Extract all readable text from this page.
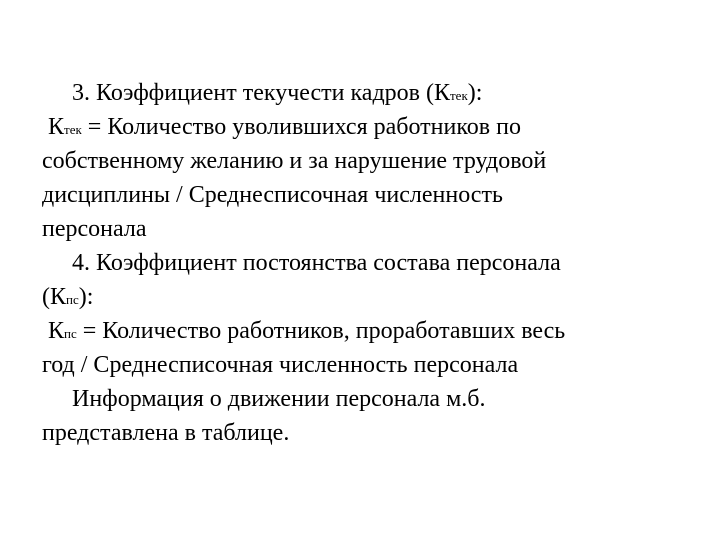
3. Коэффициент текучести кадров (Ктек):
Ктек = Количество уволившихся работников по
собственному желанию и за нарушение трудовой
дисциплины / Среднесписочная численность
персонала
4. Коэффициент постоянства состава персонала
(Кпс):
Кпс = Количество работников, проработавших весь
год / Среднесписочная численность персонала
Информация о движении персонала м.б.
представлена в таблице.
